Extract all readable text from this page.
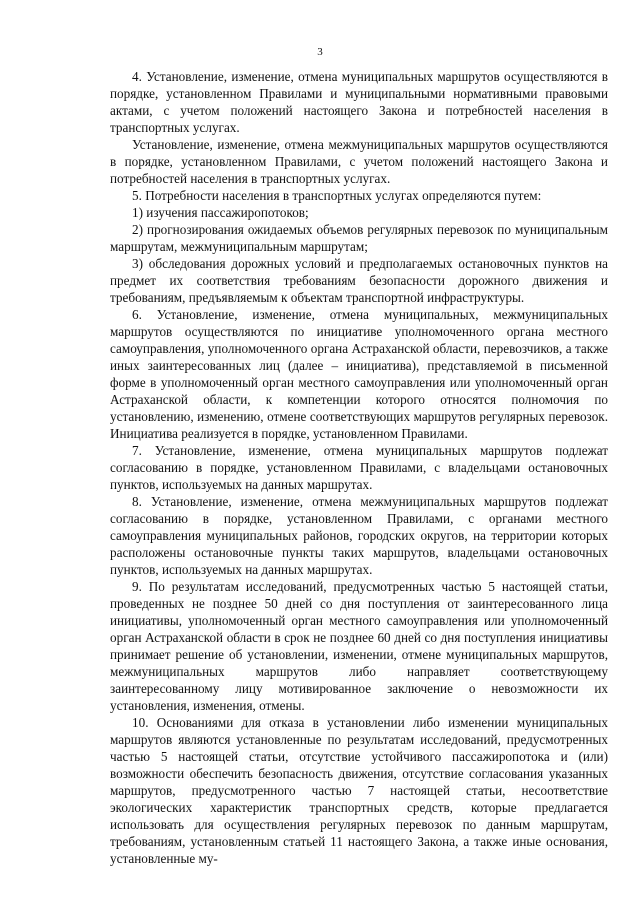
3

4. Установление, изменение, отмена муниципальных маршрутов осуществляются в порядке, установленном Правилами и муниципальными нормативными правовыми актами, с учетом положений настоящего Закона и потребностей населения в транспортных услугах.

Установление, изменение, отмена межмуниципальных маршрутов осуществляются в порядке, установленном Правилами, с учетом положений настоящего Закона и потребностей населения в транспортных услугах.

5. Потребности населения в транспортных услугах определяются путем:

1) изучения пассажиропотоков;

2) прогнозирования ожидаемых объемов регулярных перевозок по муниципальным маршрутам, межмуниципальным маршрутам;

3) обследования дорожных условий и предполагаемых остановочных пунктов на предмет их соответствия требованиям безопасности дорожного движения и требованиям, предъявляемым к объектам транспортной инфраструктуры.

6. Установление, изменение, отмена муниципальных, межмуниципальных маршрутов осуществляются по инициативе уполномоченного органа местного самоуправления, уполномоченного органа Астраханской области, перевозчиков, а также иных заинтересованных лиц (далее – инициатива), представляемой в письменной форме в уполномоченный орган местного самоуправления или уполномоченный орган Астраханской области, к компетенции которого относятся полномочия по установлению, изменению, отмене соответствующих маршрутов регулярных перевозок. Инициатива реализуется в порядке, установленном Правилами.

7. Установление, изменение, отмена муниципальных маршрутов подлежат согласованию в порядке, установленном Правилами, с владельцами остановочных пунктов, используемых на данных маршрутах.

8. Установление, изменение, отмена межмуниципальных маршрутов подлежат согласованию в порядке, установленном Правилами, с органами местного самоуправления муниципальных районов, городских округов, на территории которых расположены остановочные пункты таких маршрутов, владельцами остановочных пунктов, используемых на данных маршрутах.

9. По результатам исследований, предусмотренных частью 5 настоящей статьи, проведенных не позднее 50 дней со дня поступления от заинтересованного лица инициативы, уполномоченный орган местного самоуправления или уполномоченный орган Астраханской области в срок не позднее 60 дней со дня поступления инициативы принимает решение об установлении, изменении, отмене муниципальных маршрутов, межмуниципальных маршрутов либо направляет соответствующему заинтересованному лицу мотивированное заключение о невозможности их установления, изменения, отмены.

10. Основаниями для отказа в установлении либо изменении муниципальных маршрутов являются установленные по результатам исследований, предусмотренных частью 5 настоящей статьи, отсутствие устойчивого пассажиропотока и (или) возможности обеспечить безопасность движения, отсутствие согласования указанных маршрутов, предусмотренного частью 7 настоящей статьи, несоответствие экологических характеристик транспортных средств, которые предлагается использовать для осуществления регулярных перевозок по данным маршрутам, требованиям, установленным статьей 11 настоящего Закона, а также иные основания, установленные му-
